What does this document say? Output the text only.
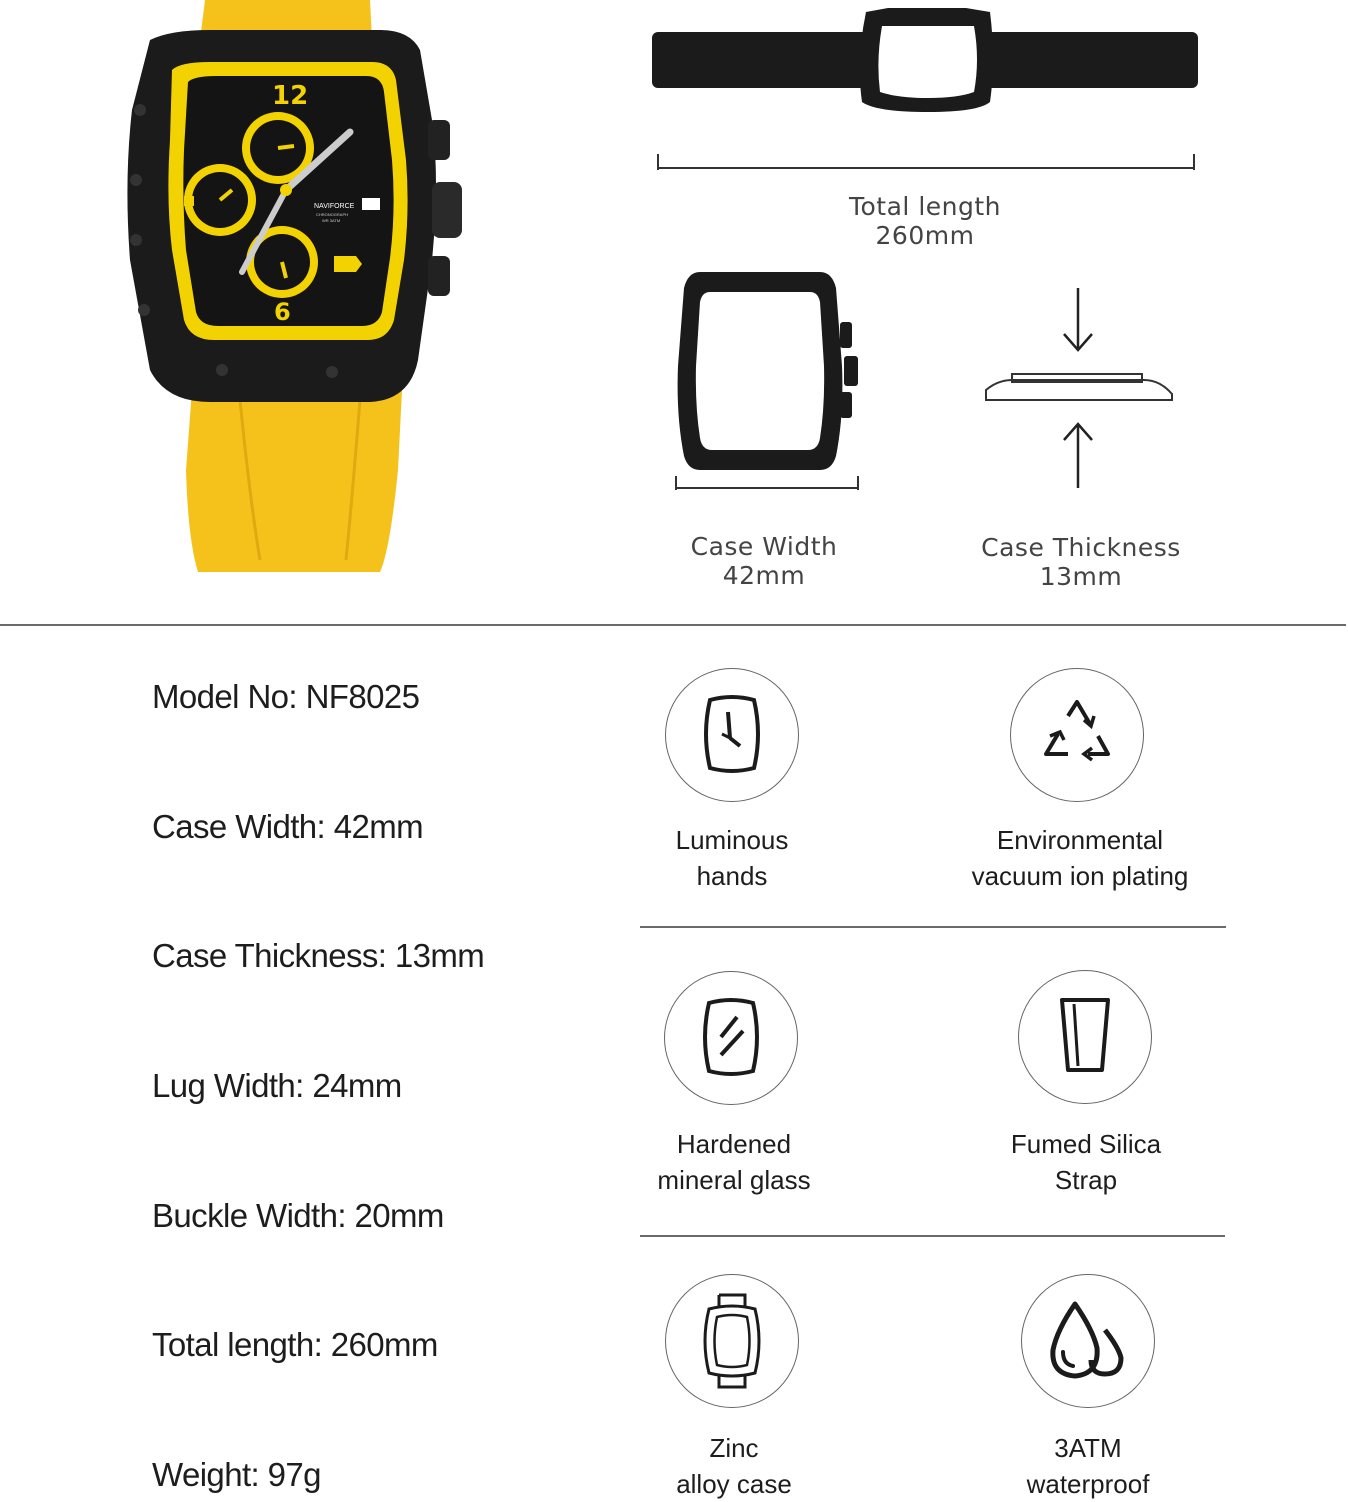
12
6
NAVIFORCE
CHRONOGRAPH
WR 3ATM	Total length
260mm
Case Width
42mm
Case Thickness
13mm
Model No: NF8025
Case Width: 42mm
Case Thickness: 13mm
Lug Width: 24mm
Buckle Width: 20mm
Total length: 260mm
Weight: 97g
Luminous
hands
Environmental
vacuum ion plating
Hardened
mineral glass
Fumed Silica
Strap
Zinc
alloy case
3ATM
waterproof
